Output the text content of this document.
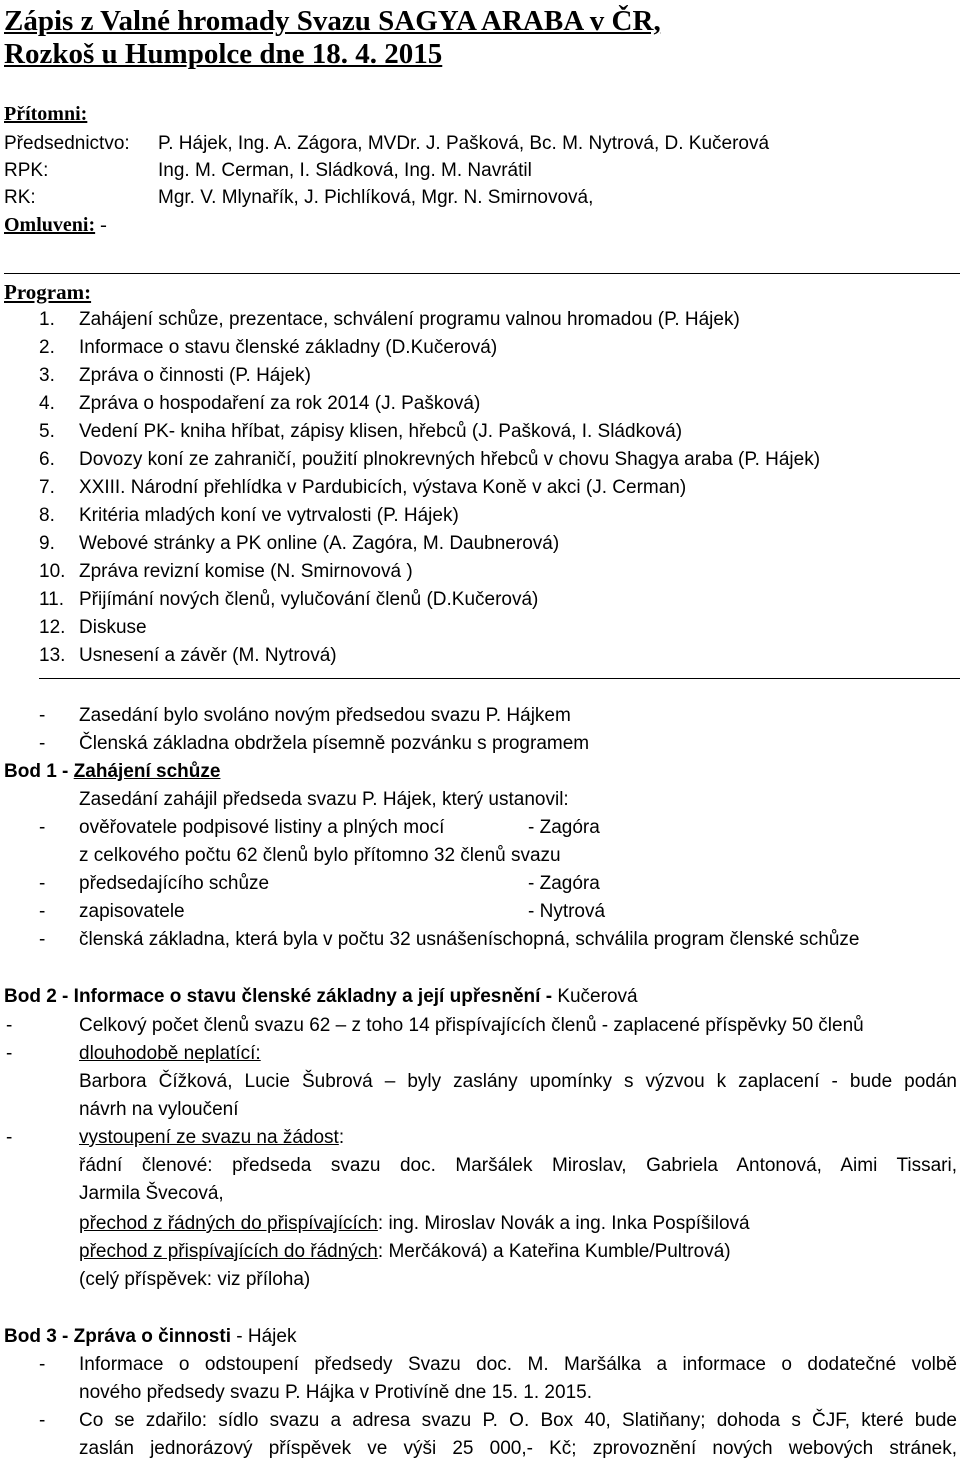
Zápis z Valné hromady Svazu SAGYA ARABA v ČR,
Rozkoš u Humpolce dne 18. 4. 2015
Přítomni:
Předsednictvo: P. Hájek, Ing. A. Zágora, MVDr. J. Pašková, Bc. M. Nytrová, D. Kučerová
RPK:	Ing. M. Cerman, I. Sládková, Ing. M. Navrátil
RK:	Mgr. V. Mlynařík, J. Pichlíková, Mgr. N. Smirnovová,
Omluveni: -
Program:
1. Zahájení schůze, prezentace, schválení programu valnou hromadou (P. Hájek)
2. Informace o stavu členské základny (D.Kučerová)
3. Zpráva o činnosti (P. Hájek)
4. Zpráva o hospodaření za rok 2014 (J. Pašková)
5. Vedení PK- kniha hříbat, zápisy klisen, hřebců (J. Pašková, I. Sládková)
6. Dovozy koní ze zahraničí, použití plnokrevných hřebců v chovu Shagya araba (P. Hájek)
7. XXIII. Národní přehlídka v Pardubicích, výstava Koně v akci (J. Cerman)
8. Kritéria mladých koní ve vytrvalosti (P. Hájek)
9. Webové stránky a PK online (A. Zagóra, M. Daubnerová)
10. Zpráva revizní komise (N. Smirnovová )
11. Přijímání nových členů, vylučování členů (D.Kučerová)
12. Diskuse
13. Usnesení a závěr (M. Nytrová)
- Zasedání bylo svoláno novým předsedou svazu P. Hájkem
- Členská základna obdržela písemně pozvánku s programem
Bod 1 - Zahájení schůze
Zasedání zahájil předseda svazu P. Hájek, který ustanovil:
- ověřovatele podpisové listiny a plných mocí	- Zagóra
z celkového počtu 62 členů bylo přítomno 32 členů svazu
- předsedajícího schůze	- Zagóra
- zapisovatele	- Nytrová
- členská základna, která byla v počtu 32 usnášeníschopná, schválila program členské schůze
Bod 2 - Informace o stavu členské základny a její upřesnění - Kučerová
-	Celkový počet členů svazu 62 – z toho 14 přispívajících členů - zaplacené příspěvky 50 členů
-	dlouhodobě neplatící:
Barbora Čížková, Lucie Šubrová – byly zaslány upomínky s výzvou k zaplacení - bude podán
návrh na vyloučení
-	vystoupení ze svazu na žádost:
řádní členové: předseda svazu doc. Maršálek Miroslav, Gabriela Antonová, Aimi Tissari,
Jarmila Švecová,
přechod z řádných do přispívajících: ing. Miroslav Novák a ing. Inka Pospíšilová
přechod z přispívajících do řádných: Merčáková) a Kateřina Kumble/Pultrová)
(celý příspěvek: viz příloha)
Bod 3 - Zpráva o činnosti - Hájek
- Informace o odstoupení předsedy Svazu doc. M. Maršálka a informace o dodatečné volbě
nového předsedy svazu P. Hájka v Protivíně dne 15. 1. 2015.
- Co se zdařilo: sídlo svazu a adresa svazu P. O. Box 40, Slatiňany; dohoda s ČJF, které bude
zaslán jednorázový příspěvek ve výši 25 000,- Kč; zprovoznění nových webových stránek,
